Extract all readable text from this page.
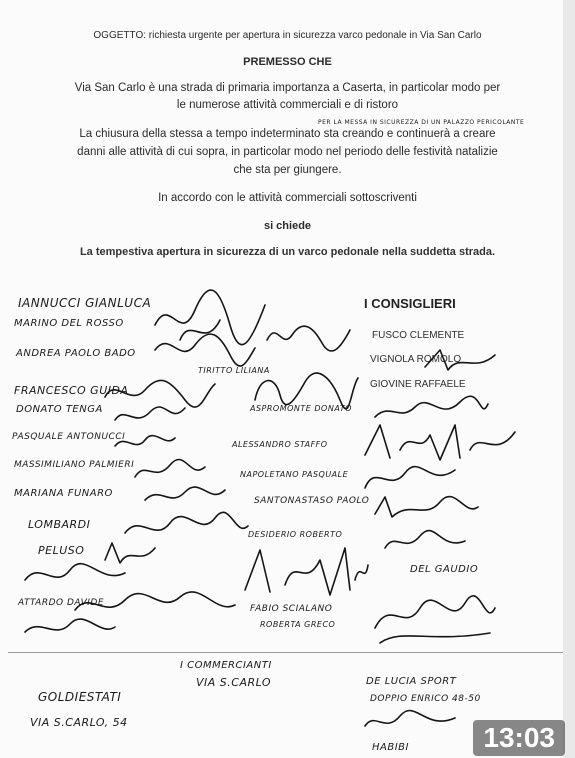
OGGETTO: richiesta urgente per apertura in sicurezza varco pedonale in Via San Carlo
PREMESSO CHE
Via San Carlo è una strada di primaria importanza a Caserta, in particolar modo per
le numerose attività commerciali e di ristoro
PER LA MESSA IN SICUREZZA DI UN PALAZZO PERICOLANTE
La chiusura della stessa a tempo indeterminato sta creando e continuerà a creare
danni alle attività di cui sopra, in particolar modo nel periodo delle festività natalizie
che sta per giungere.
In accordo con le attività commerciali sottoscriventi
si chiede
La tempestiva apertura in sicurezza di un varco pedonale nella suddetta strada.
I CONSIGLIERI
FUSCO CLEMENTE
VIGNOLA ROMOLO
GIOVINE RAFFAELE
IANNUCCI GIANLUCA
MARINO DEL ROSSO
ANDREA PAOLO BADO
TIRITTO LILIANA
FRANCESCO GUIDA
DONATO TENGA	ASPROMONTE DONATO
PASQUALE ANTONUCCI
ALESSANDRO STAFFO
MASSIMILIANO PALMIERI
NAPOLETANO PASQUALE
MARIANA FUNARO
SANTONASTASO PAOLO
LOMBARDI
DESIDERIO ROBERTO
PELUSO
DEL GAUDIO
ATTARDO DAVIDE
FABIO SCIALANO
ROBERTA GRECO
I COMMERCIANTI
VIA S.CARLO
GOLDIESTATI
VIA S.CARLO, 54
DE LUCIA SPORT
DOPPIO ENRICO 48-50
HABIBI	13:03
